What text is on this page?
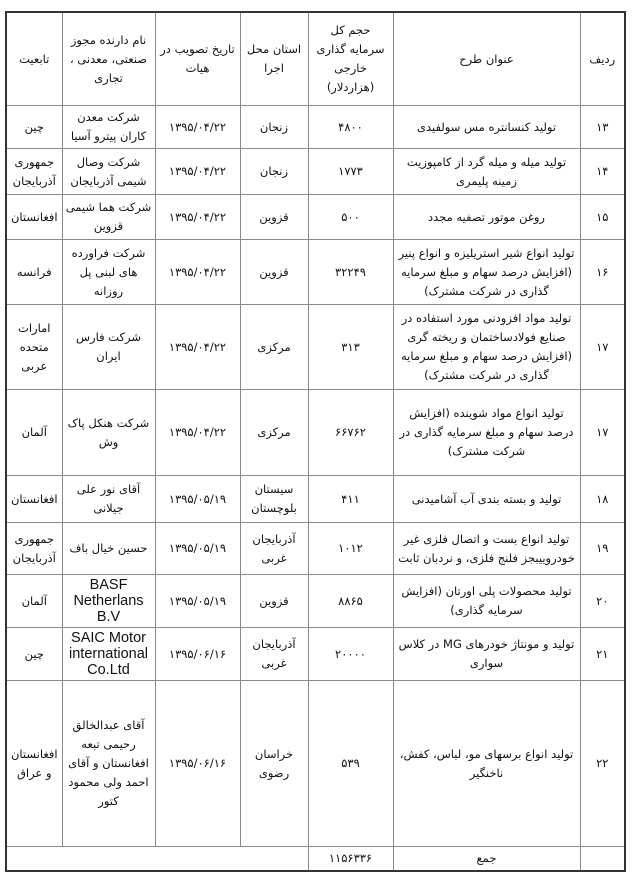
ردیف	عنوان طرح	حجم کل سرمایه گذاری خارجی (هزاردلار)	استان محل اجرا	تاریخ تصویب در هیات	نام دارنده مجوز صنعتی، معدنی ، تجاری	تابعیت
۱۳	تولید کنسانتره مس سولفیدی	۴۸۰۰	زنجان	۱۳۹۵/۰۴/۲۲	شرکت معدن کاران پیترو آسیا	چین
۱۴	تولید میله و میله گرد از کامپوزیت زمینه پلیمری	۱۷۷۳	زنجان	۱۳۹۵/۰۴/۲۲	شرکت وصال شیمی آذربایجان	جمهوری آذربایجان
۱۵	روغن موتور تصفیه مجدد	۵۰۰	قزوین	۱۳۹۵/۰۴/۲۲	شرکت هما شیمی قزوین	افغانستان
۱۶	تولید انواع شیر استریلیزه و انواع پنیر (افزایش درصد سهام و مبلغ سرمایه گذاری در شرکت مشترک)	۳۲۲۴۹	قزوین	۱۳۹۵/۰۴/۲۲	شرکت فراورده های لبنی پل روزانه	فرانسه
۱۷	تولید مواد افزودنی مورد استفاده در صنایع فولادساختمان و ریخته گری (افزایش درصد سهام و مبلغ سرمایه گذاری در شرکت مشترک)	۳۱۳	مرکزی	۱۳۹۵/۰۴/۲۲	شرکت فارس ایران	امارات متحده عربی
۱۷	تولید انواع مواد شوینده (افزایش درصد سهام و مبلغ سرمایه گذاری در شرکت مشترک)	۶۶۷۶۲	مرکزی	۱۳۹۵/۰۴/۲۲	شرکت هنکل پاک وش	آلمان
۱۸	تولید و بسته بندی آب آشامیدنی	۴۱۱	سیستان بلوچستان	۱۳۹۵/۰۵/۱۹	آقای نور علی جیلانی	افغانستان
۱۹	تولید انواع بست و اتصال فلزی غیر خودروییبجز فلنج فلزی، و نردبان ثابت	۱۰۱۲	آذربایجان غربی	۱۳۹۵/۰۵/۱۹	حسین خیال باف	جمهوری آذربایجان
۲۰	تولید محصولات پلی اورتان (افزایش سرمایه گذاری)	۸۸۶۵	قزوین	۱۳۹۵/۰۵/۱۹	BASF Netherlans B.V	آلمان
۲۱	تولید و مونتاژ خودرهای MG در کلاس سواری	۲۰۰۰۰	آذربایجان غربی	۱۳۹۵/۰۶/۱۶	SAIC Motor international Co.Ltd	چین
۲۲	تولید انواع برسهای مو، لباس، کفش، ناخنگیر	۵۳۹	خراسان رضوی	۱۳۹۵/۰۶/۱۶	آقای عبدالخالق رحیمی تبعه افغانستان و آقای احمد ولی محمود کتور	افغانستان و عراق
	جمع	۱۱۵۶۳۳۶				
